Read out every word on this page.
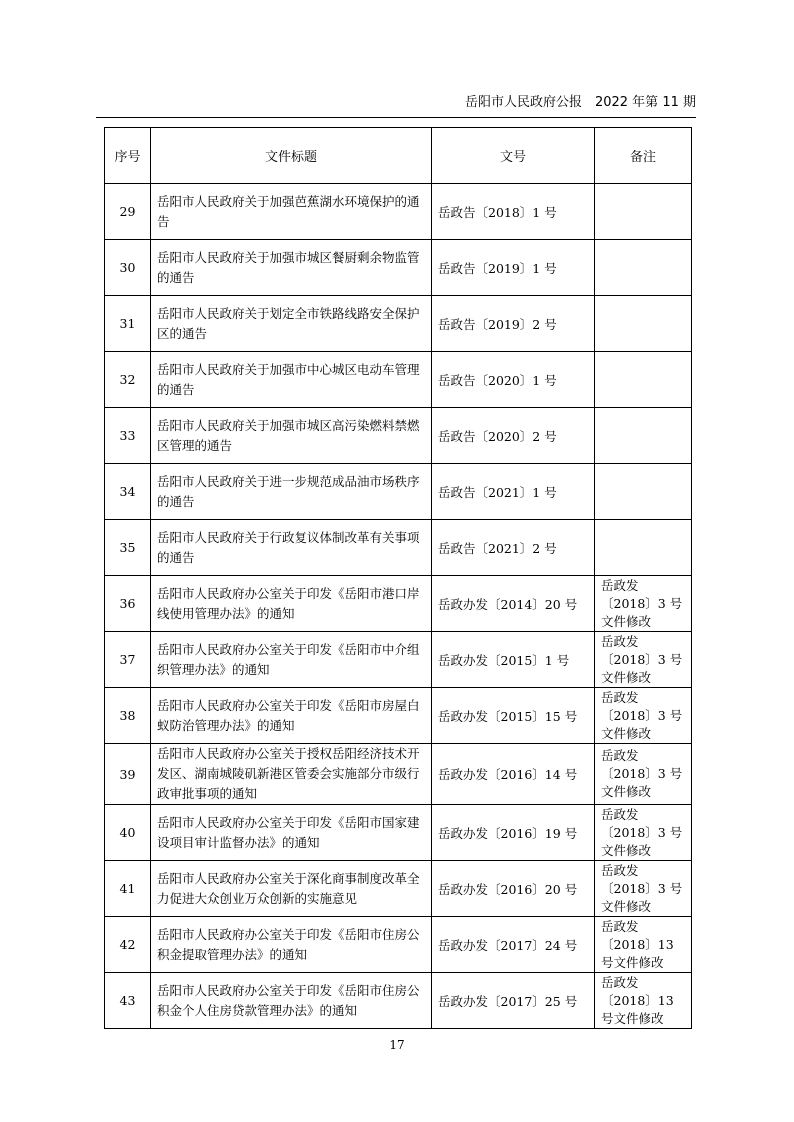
岳阳市人民政府公报　2022 年第 11 期
序号	文件标题	文号	备注
29	岳阳市人民政府关于加强芭蕉湖水环境保护的通告	岳政告〔2018〕1 号	
30	岳阳市人民政府关于加强市城区餐厨剩余物监管的通告	岳政告〔2019〕1 号	
31	岳阳市人民政府关于划定全市铁路线路安全保护区的通告	岳政告〔2019〕2 号	
32	岳阳市人民政府关于加强市中心城区电动车管理的通告	岳政告〔2020〕1 号	
33	岳阳市人民政府关于加强市城区高污染燃料禁燃区管理的通告	岳政告〔2020〕2 号	
34	岳阳市人民政府关于进一步规范成品油市场秩序的通告	岳政告〔2021〕1 号	
35	岳阳市人民政府关于行政复议体制改革有关事项的通告	岳政告〔2021〕2 号	
36	岳阳市人民政府办公室关于印发《岳阳市港口岸线使用管理办法》的通知	岳政办发〔2014〕20 号	岳政发〔2018〕3 号文件修改
37	岳阳市人民政府办公室关于印发《岳阳市中介组织管理办法》的通知	岳政办发〔2015〕1 号	岳政发〔2018〕3 号文件修改
38	岳阳市人民政府办公室关于印发《岳阳市房屋白蚁防治管理办法》的通知	岳政办发〔2015〕15 号	岳政发〔2018〕3 号文件修改
39	岳阳市人民政府办公室关于授权岳阳经济技术开发区、湖南城陵矶新港区管委会实施部分市级行政审批事项的通知	岳政办发〔2016〕14 号	岳政发〔2018〕3 号文件修改
40	岳阳市人民政府办公室关于印发《岳阳市国家建设项目审计监督办法》的通知	岳政办发〔2016〕19 号	岳政发〔2018〕3 号文件修改
41	岳阳市人民政府办公室关于深化商事制度改革全力促进大众创业万众创新的实施意见	岳政办发〔2016〕20 号	岳政发〔2018〕3 号文件修改
42	岳阳市人民政府办公室关于印发《岳阳市住房公积金提取管理办法》的通知	岳政办发〔2017〕24 号	岳政发〔2018〕13 号文件修改
43	岳阳市人民政府办公室关于印发《岳阳市住房公积金个人住房贷款管理办法》的通知	岳政办发〔2017〕25 号	岳政发〔2018〕13 号文件修改
17
